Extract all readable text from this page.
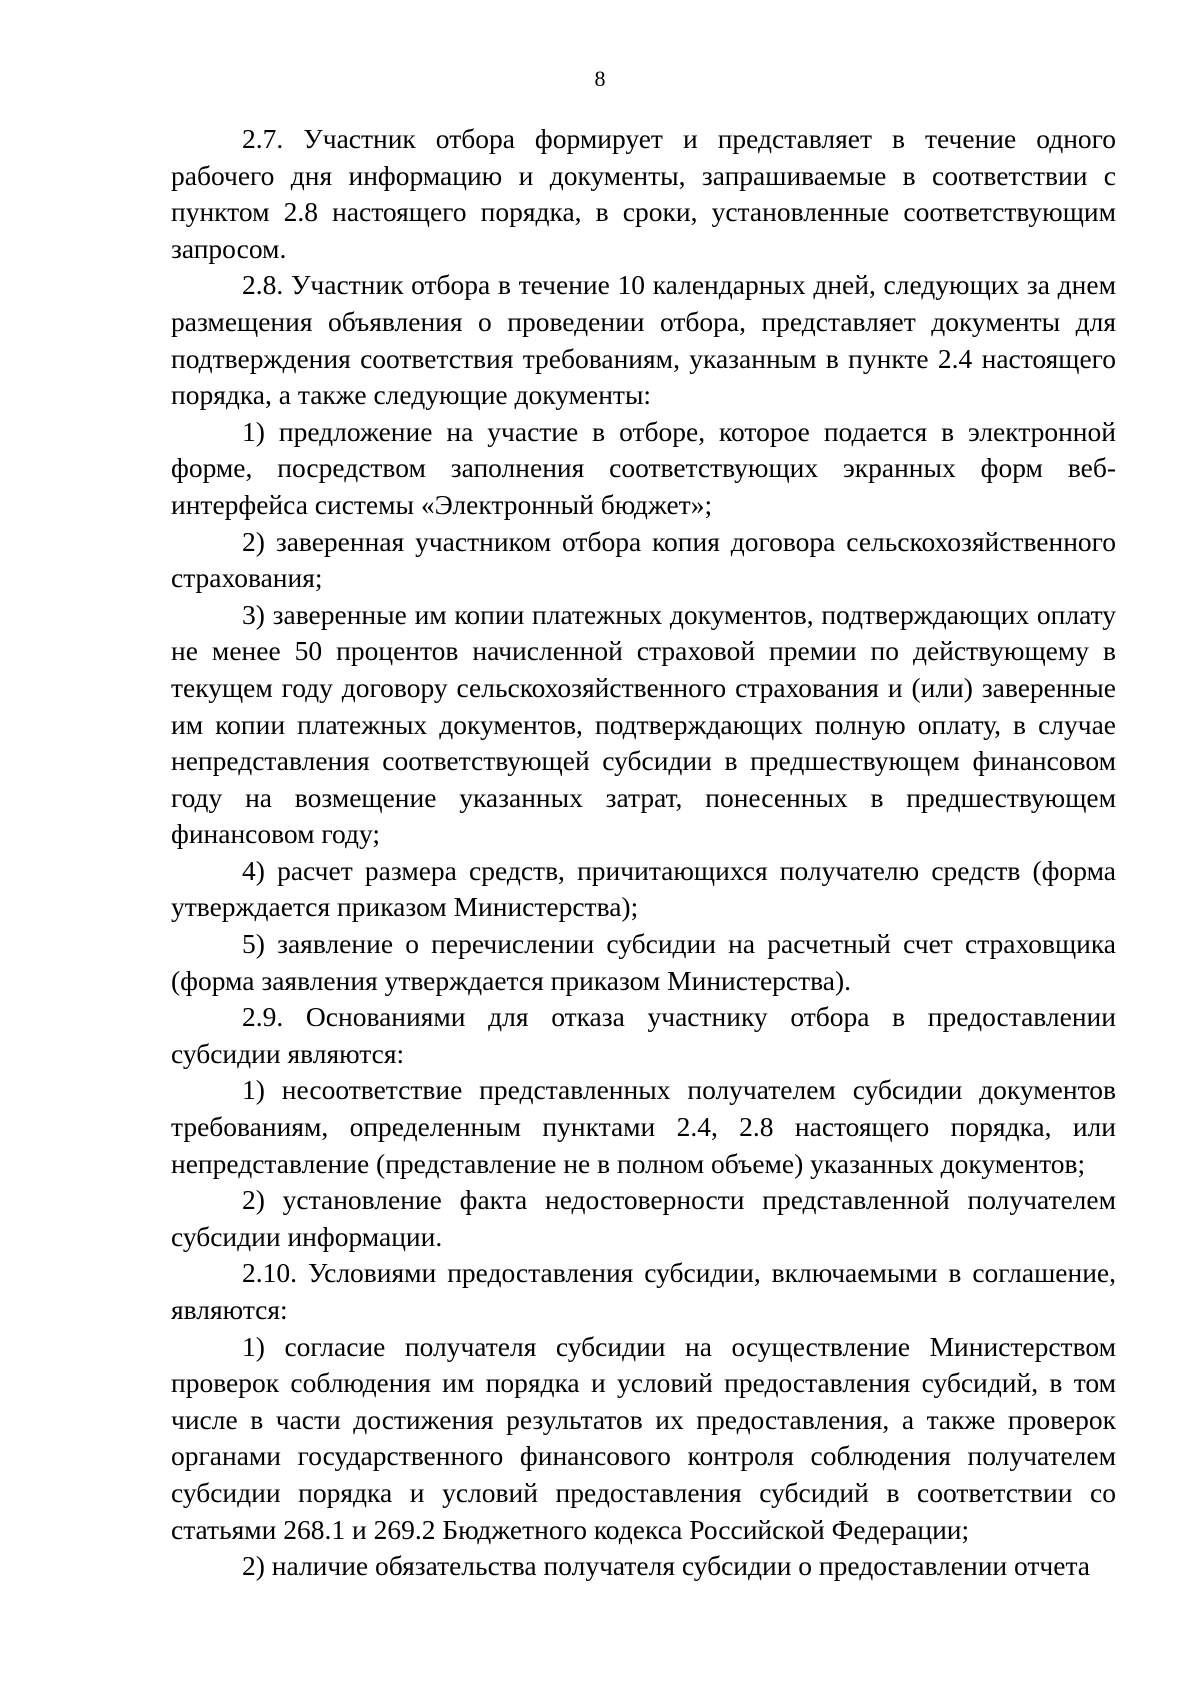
8

2.7. Участник отбора формирует и представляет в течение одного рабочего дня информацию и документы, запрашиваемые в соответствии с пунктом 2.8 настоящего порядка, в сроки, установленные соответствующим запросом.

2.8. Участник отбора в течение 10 календарных дней, следующих за днем размещения объявления о проведении отбора, представляет документы для подтверждения соответствия требованиям, указанным в пункте 2.4 настоящего порядка, а также следующие документы:

1) предложение на участие в отборе, которое подается в электронной форме, посредством заполнения соответствующих экранных форм веб-интерфейса системы «Электронный бюджет»;

2) заверенная участником отбора копия договора сельскохозяйственного страхования;

3) заверенные им копии платежных документов, подтверждающих оплату не менее 50 процентов начисленной страховой премии по действующему в текущем году договору сельскохозяйственного страхования и (или) заверенные им копии платежных документов, подтверждающих полную оплату, в случае непредставления соответствующей субсидии в предшествующем финансовом году на возмещение указанных затрат, понесенных в предшествующем финансовом году;

4) расчет размера средств, причитающихся получателю средств (форма утверждается приказом Министерства);

5) заявление о перечислении субсидии на расчетный счет страховщика (форма заявления утверждается приказом Министерства).

2.9. Основаниями для отказа участнику отбора в предоставлении субсидии являются:

1) несоответствие представленных получателем субсидии документов требованиям, определенным пунктами 2.4, 2.8 настоящего порядка, или непредставление (представление не в полном объеме) указанных документов;

2) установление факта недостоверности представленной получателем субсидии информации.

2.10. Условиями предоставления субсидии, включаемыми в соглашение, являются:

1) согласие получателя субсидии на осуществление Министерством проверок соблюдения им порядка и условий предоставления субсидий, в том числе в части достижения результатов их предоставления, а также проверок органами государственного финансового контроля соблюдения получателем субсидии порядка и условий предоставления субсидий в соответствии со статьями 268.1 и 269.2 Бюджетного кодекса Российской Федерации;

2) наличие обязательства получателя субсидии о предоставлении отчета
